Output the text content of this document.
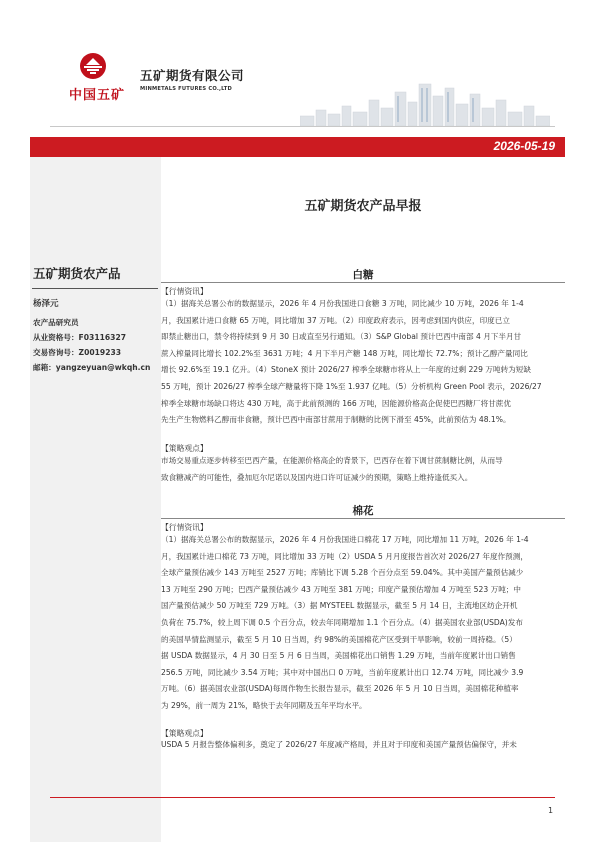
中国五矿
五矿期货有限公司
MINMETALS FUTURES CO.,LTD
2026-05-19
五矿期货农产品
杨泽元
农产品研究员
从业资格号：F03116327
交易咨询号：Z0019233
邮箱：yangzeyuan@wkqh.cn
五矿期货农产品早报
白糖
【行情资讯】
（1）据海关总署公布的数据显示，2026 年 4 月份我国进口食糖 3 万吨，同比减少 10 万吨，2026 年 1-4
月，我国累计进口食糖 65 万吨，同比增加 37 万吨。（2）印度政府表示，因考虑到国内供应，印度已立
即禁止糖出口，禁令将持续到 9 月 30 日或直至另行通知。（3）S&P Global 预计巴西中南部 4 月下半月甘
蔗入榨量同比增长 102.2%至 3631 万吨；4 月下半月产糖 148 万吨，同比增长 72.7%；预计乙醇产量同比
增长 92.6%至 19.1 亿升。（4）StoneX 预计 2026/27 榨季全球糖市将从上一年度的过剩 229 万吨转为短缺
55 万吨，预计 2026/27 榨季全球产糖量将下降 1%至 1.937 亿吨。（5）分析机构 Green Pool 表示，2026/27
榨季全球糖市场缺口将达 430 万吨，高于此前预测的 166 万吨，因能源价格高企促使巴西糖厂将甘蔗优
先生产生物燃料乙醇而非食糖，预计巴西中南部甘蔗用于制糖的比例下滑至 45%，此前预估为 48.1%。
【策略观点】
市场交易重点逐步转移至巴西产量，在能源价格高企的背景下，巴西存在着下调甘蔗制糖比例，从而导
致食糖减产的可能性，叠加厄尔尼诺以及国内进口许可证减少的预期，策略上维持逢低买入。
棉花
【行情资讯】
（1）据海关总署公布的数据显示，2026 年 4 月份我国进口棉花 17 万吨，同比增加 11 万吨，2026 年 1-4
月，我国累计进口棉花 73 万吨，同比增加 33 万吨（2）USDA 5 月月度报告首次对 2026/27 年度作预测，
全球产量预估减少 143 万吨至 2527 万吨；库销比下调 5.28 个百分点至 59.04%。其中美国产量预估减少
13 万吨至 290 万吨；巴西产量预估减少 43 万吨至 381 万吨；印度产量预估增加 4 万吨至 523 万吨；中
国产量预估减少 50 万吨至 729 万吨。（3）据 MYSTEEL 数据显示，截至 5 月 14 日，主流地区纺企开机
负荷在 75.7%，较上周下调 0.5 个百分点，较去年同期增加 1.1 个百分点。（4）据美国农业部(USDA)发布
的美国旱情监测显示，截至 5 月 10 日当周，约 98%的美国棉花产区受到干旱影响，较前一周持稳。（5）
据 USDA 数据显示，4 月 30 日至 5 月 6 日当周，美国棉花出口销售 1.29 万吨，当前年度累计出口销售
256.5 万吨，同比减少 3.54 万吨；其中对中国出口 0 万吨，当前年度累计出口 12.74 万吨，同比减少 3.9
万吨。（6）据美国农业部(USDA)每周作物生长报告显示，截至 2026 年 5 月 10 日当周，美国棉花种植率
为 29%，前一周为 21%，略快于去年同期及五年平均水平。
【策略观点】
USDA 5 月报告整体偏利多，奠定了 2026/27 年度减产格局，并且对于印度和美国产量预估偏保守，并未
1
